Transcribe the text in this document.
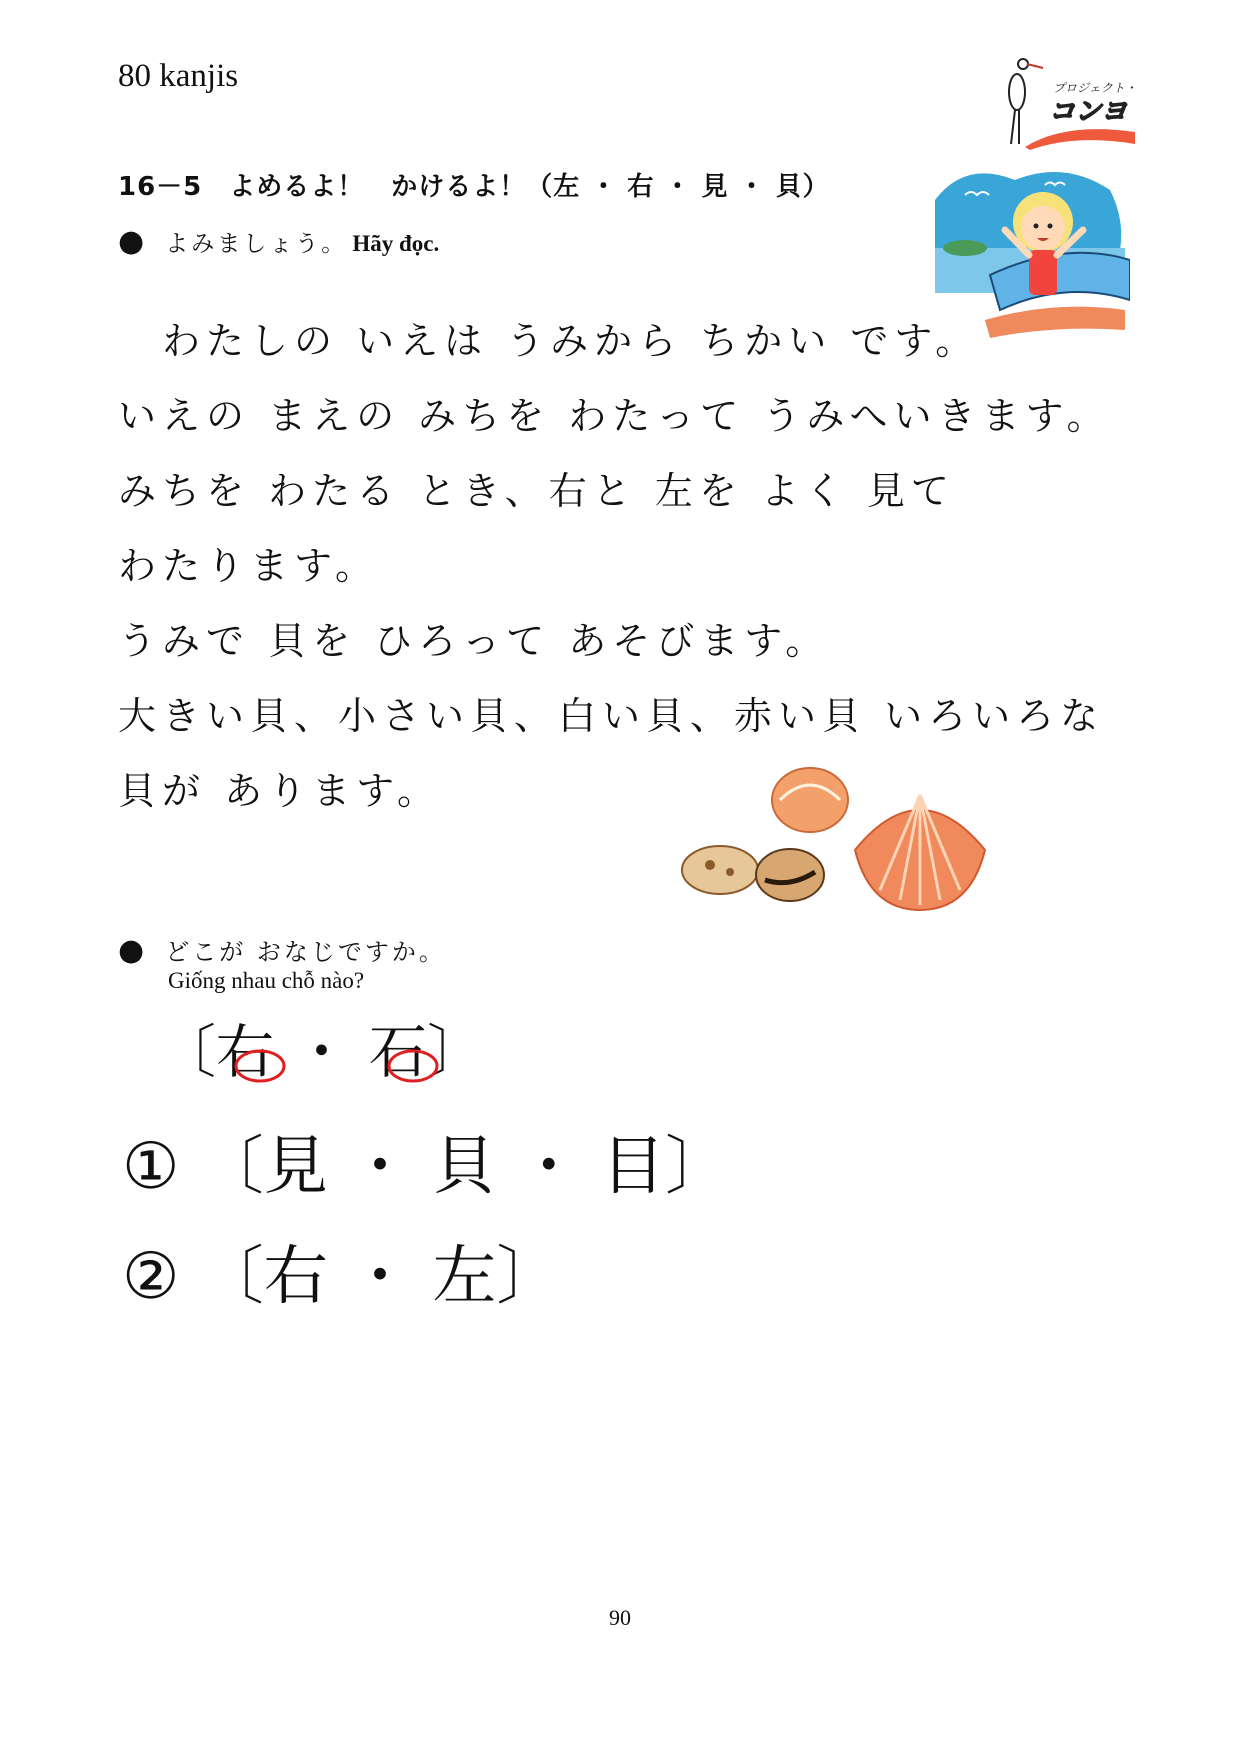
80 kanjis	プロジェクト・
コンヨ
16－5　よめるよ！　かけるよ！（左 ・ 右 ・ 見 ・ 貝）
● よみましょう。 Hãy đọc.
　わたしの いえは うみから ちかい です。
いえの まえの みちを わたって うみへいきます。
みちを わたる とき、右と 左を よく 見て
わたります。
うみで 貝を ひろって あそびます。
大きい貝、小さい貝、白い貝、赤い貝 いろいろな
貝が あります。
● どこが おなじですか。
Giống nhau chỗ nào?
〔右 ・ 石
〕
① 〔見 ・ 貝 ・ 目〕
② 〔右 ・ 左〕
90
